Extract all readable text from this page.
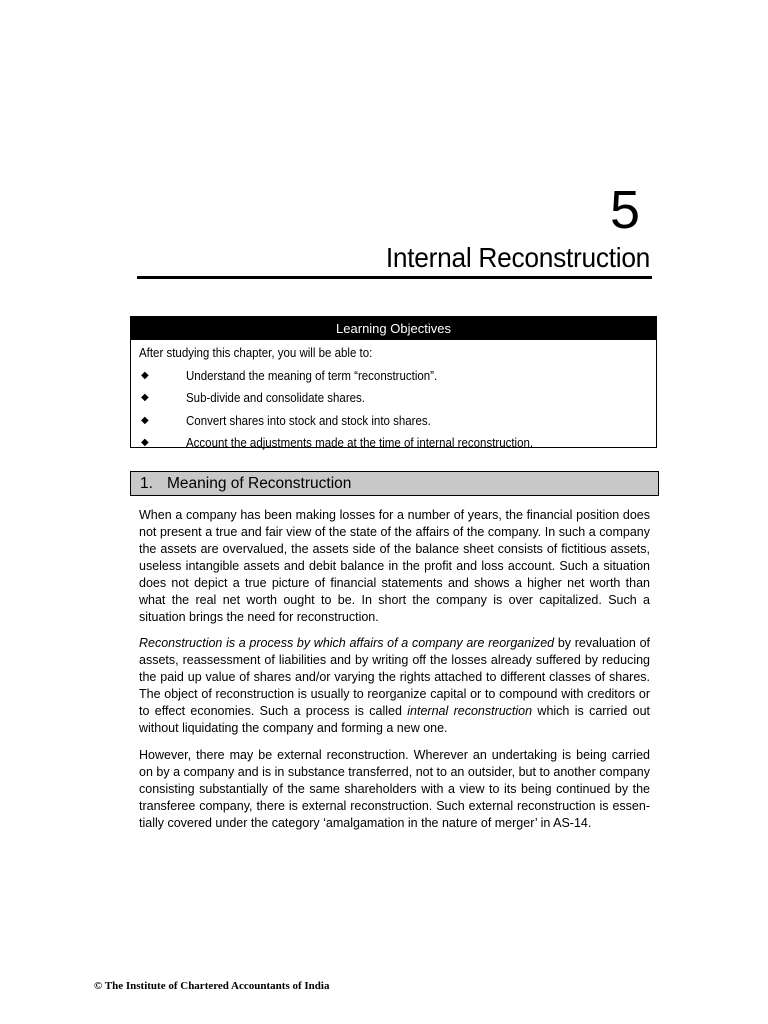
5
Internal Reconstruction
Learning Objectives
After studying this chapter, you will be able to:
◆	Understand the meaning of term “reconstruction”.
◆	Sub-divide and consolidate shares.
◆	Convert shares into stock and stock into shares.
◆	Account the adjustments made at the time of internal reconstruction.
1. Meaning of Reconstruction

When a company has been making losses for a number of years, the financial position does not present a true and fair view of the state of the affairs of the company. In such a company the assets are overvalued, the assets side of the balance sheet consists of fictitious assets, useless intangible assets and debit balance in the profit and loss account. Such a situation does not depict a true picture of financial statements and shows a higher net worth than what the real net worth ought to be. In short the company is over capitalized. Such a situation brings the need for reconstruction.

Reconstruction is a process by which affairs of a company are reorganized by revaluation of assets, reassessment of liabilities and by writing off the losses already suffered by reducing the paid up value of shares and/or varying the rights attached to different classes of shares. The object of reconstruction is usually to reorganize capital or to compound with creditors or to effect economies. Such a process is called internal reconstruction which is carried out without liquidating the company and forming a new one.

However, there may be external reconstruction. Wherever an undertaking is being carried on by a company and is in substance transferred, not to an outsider, but to another company consisting substantially of the same shareholders with a view to its being continued by the transferee company, there is external reconstruction. Such external reconstruction is essen-tially covered under the category ‘amalgamation in the nature of merger’ in AS-14.

© The Institute of Chartered Accountants of India
